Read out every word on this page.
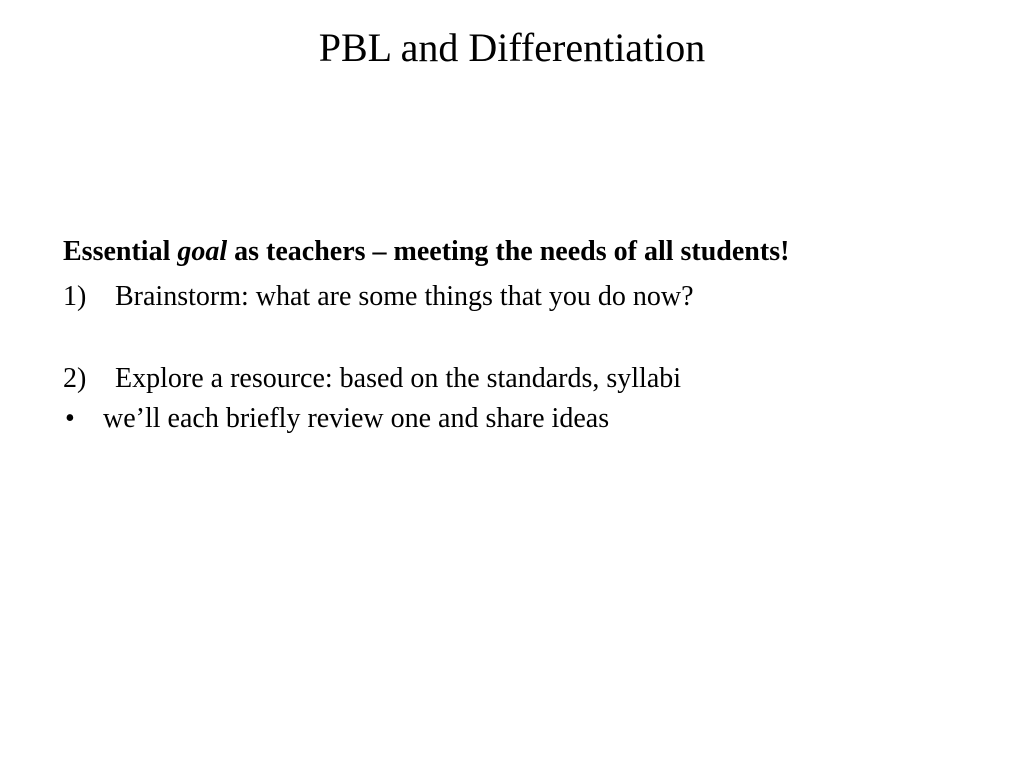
PBL and Differentiation

Essential goal as teachers – meeting the needs of all students!

1) Brainstorm: what are some things that you do now?

2) Explore a resource: based on the standards, syllabi

• we’ll each briefly review one and share ideas
